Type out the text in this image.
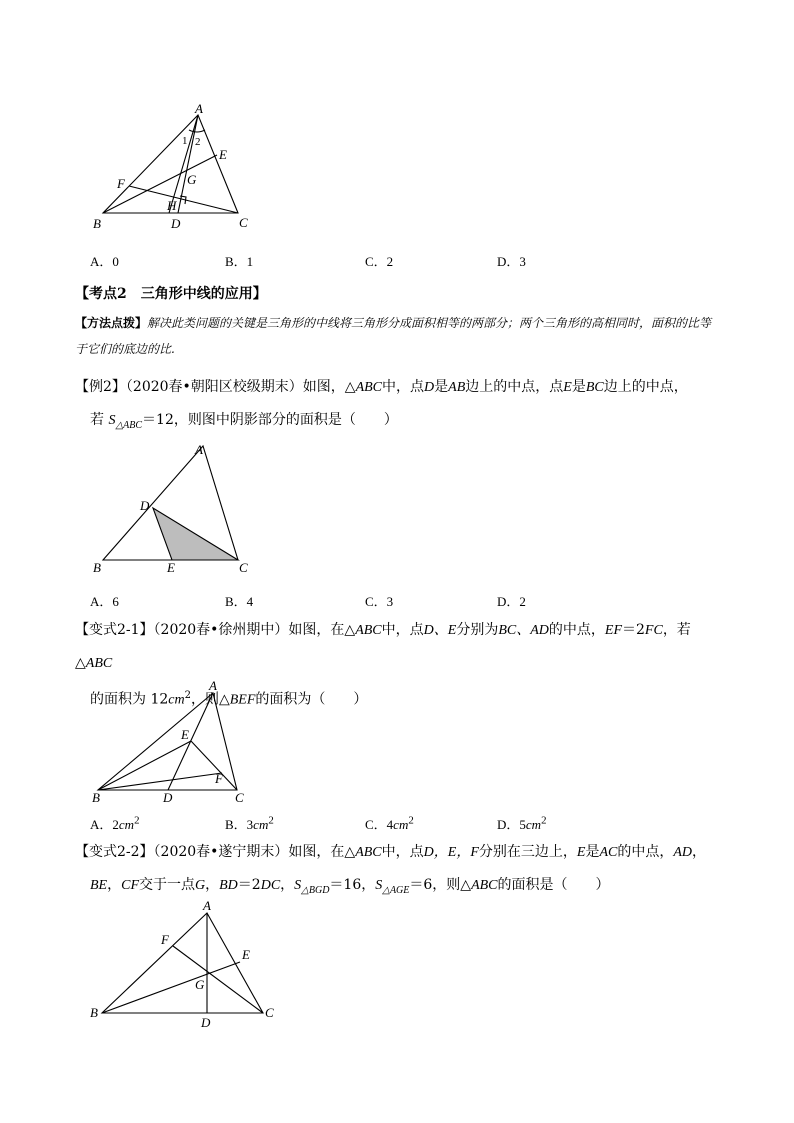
A
B	C
D
E
F	G
H
1 2
A．0	B．1	C．2	D．3
【考点2　三角形中线的应用】
【方法点拨】解决此类问题的关键是三角形的中线将三角形分成面积相等的两部分；两个三角形的高相同时，面积的比等于它们的底边的比.
【例2】（2020春•朝阳区校级期末）如图，△ABC中，点D是AB边上的中点，点E是BC边上的中点，
若 $S_{\triangle ABC}=12$，则图中阴影部分的面积是（　　）
A
B	C
D
E
A．6	B．4	C．3	D．2
【变式2-1】（2020春•徐州期中）如图，在△ABC中，点D、E分别为BC、AD的中点，EF＝2FC，若△ABC
的面积为 $12cm^2$，则△BEF的面积为（　　）
A
B	C
D
E
F
A．$2cm^2$	B．$3cm^2$	C．$4cm^2$	D．$5cm^2$
【变式2-2】（2020春•遂宁期末）如图，在△ABC中，点D，E，F分别在三边上，E是AC的中点，AD，
BE，CF交于一点G，BD＝2DC，$S_{\triangle BGD}=16$，$S_{\triangle AGE}=6$，则△ABC的面积是（　　）
A
B	C
D
E
F
G
